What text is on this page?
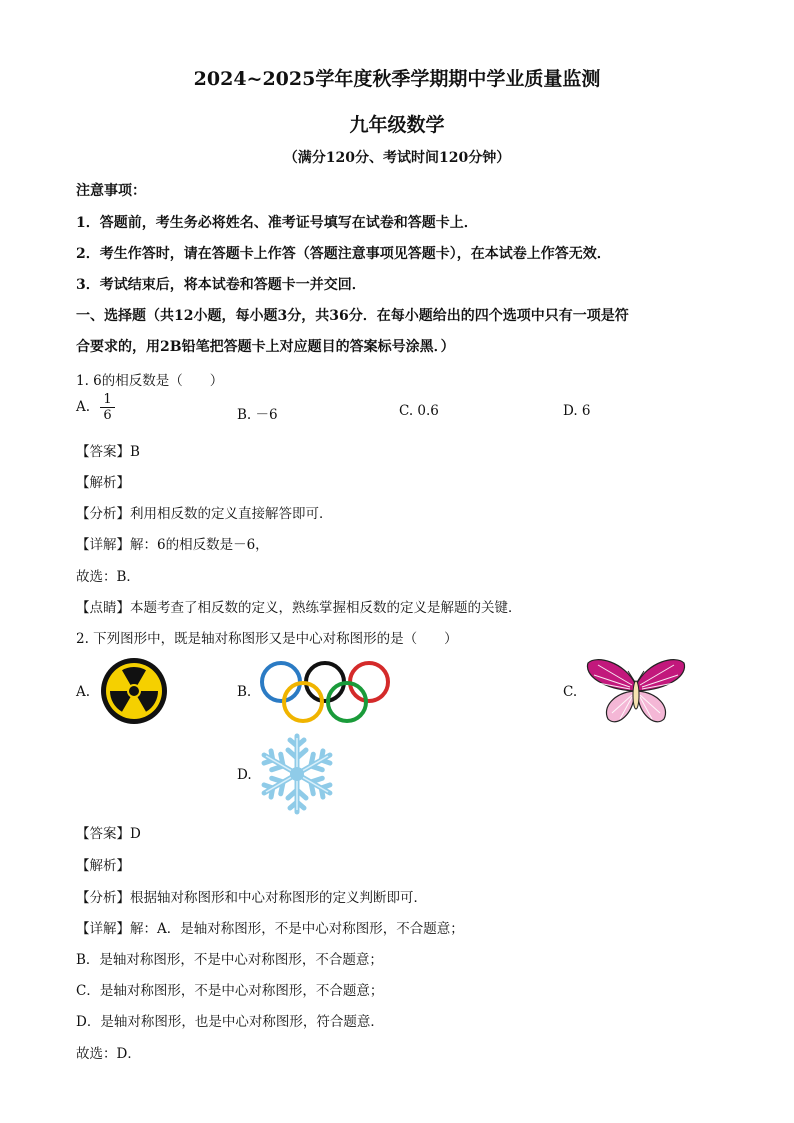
2024~2025学年度秋季学期期中学业质量监测
九年级数学
（满分120分、考试时间120分钟）
注意事项：
1．答题前，考生务必将姓名、准考证号填写在试卷和答题卡上．
2．考生作答时，请在答题卡上作答（答题注意事项见答题卡），在本试卷上作答无效．
3．考试结束后，将本试卷和答题卡一并交回．
一、选择题（共12小题，每小题3分，共36分．在每小题给出的四个选项中只有一项是符
合要求的，用2B铅笔把答题卡上对应题目的答案标号涂黑．）
1. 6的相反数是（　　）
A. $\frac{1}{6}$	B. －6	C. 0.6	D. 6
【答案】B
【解析】
【分析】利用相反数的定义直接解答即可．
【详解】解：6的相反数是－6，
故选：B．
【点睛】本题考查了相反数的定义，熟练掌握相反数的定义是解题的关键．
2. 下列图形中，既是轴对称图形又是中心对称图形的是（　　）
A.	B.	C.
D.
【答案】D
【解析】
【分析】根据轴对称图形和中心对称图形的定义判断即可．
【详解】解：A．是轴对称图形，不是中心对称图形，不合题意；
B．是轴对称图形，不是中心对称图形，不合题意；
C．是轴对称图形，不是中心对称图形，不合题意；
D．是轴对称图形，也是中心对称图形，符合题意．
故选：D．
